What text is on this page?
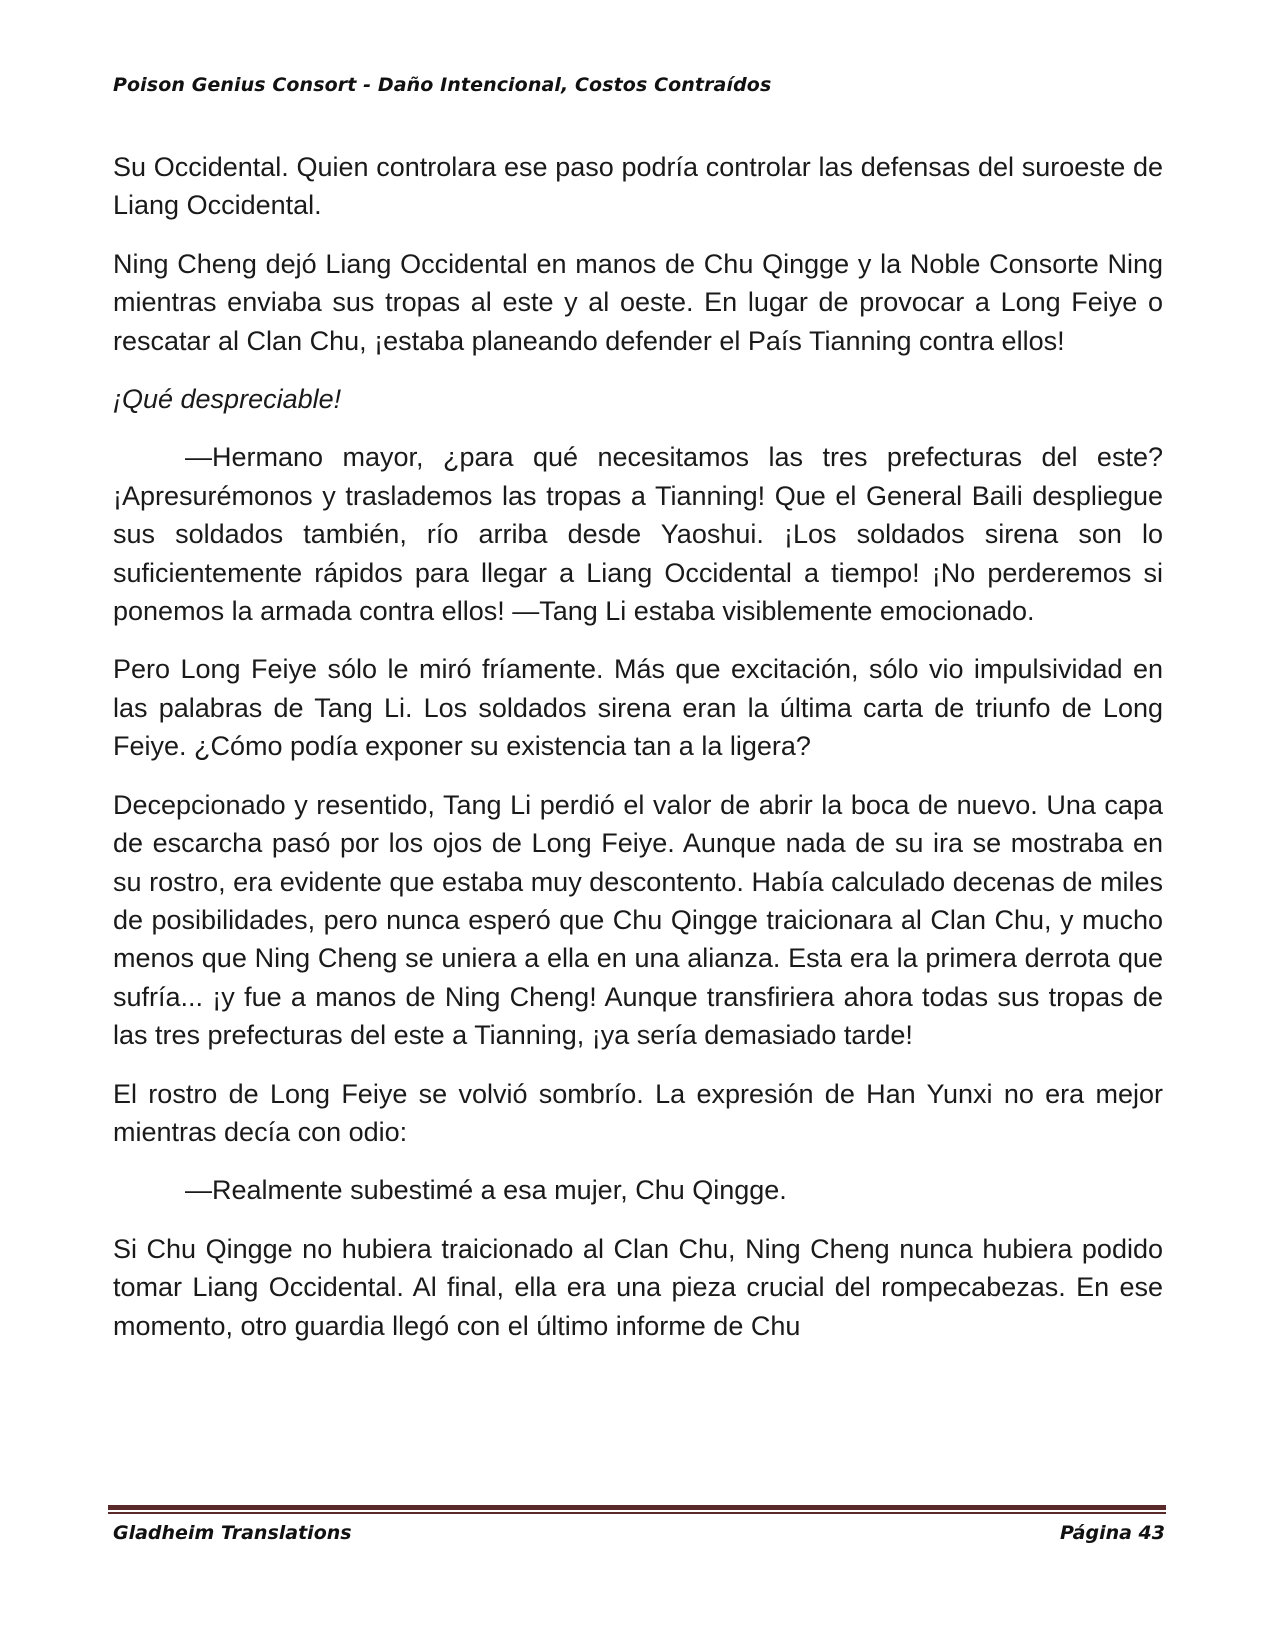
Poison Genius Consort - Daño Intencional, Costos Contraídos

Su Occidental. Quien controlara ese paso podría controlar las defensas del suroeste de Liang Occidental.

Ning Cheng dejó Liang Occidental en manos de Chu Qingge y la Noble Consorte Ning mientras enviaba sus tropas al este y al oeste. En lugar de provocar a Long Feiye o rescatar al Clan Chu, ¡estaba planeando defender el País Tianning contra ellos!

¡Qué despreciable!

—Hermano mayor, ¿para qué necesitamos las tres prefecturas del este? ¡Apresurémonos y traslademos las tropas a Tianning! Que el General Baili despliegue sus soldados también, río arriba desde Yaoshui. ¡Los soldados sirena son lo suficientemente rápidos para llegar a Liang Occidental a tiempo! ¡No perderemos si ponemos la armada contra ellos! —Tang Li estaba visiblemente emocionado.

Pero Long Feiye sólo le miró fríamente. Más que excitación, sólo vio impulsividad en las palabras de Tang Li. Los soldados sirena eran la última carta de triunfo de Long Feiye. ¿Cómo podía exponer su existencia tan a la ligera?

Decepcionado y resentido, Tang Li perdió el valor de abrir la boca de nuevo. Una capa de escarcha pasó por los ojos de Long Feiye. Aunque nada de su ira se mostraba en su rostro, era evidente que estaba muy descontento. Había calculado decenas de miles de posibilidades, pero nunca esperó que Chu Qingge traicionara al Clan Chu, y mucho menos que Ning Cheng se uniera a ella en una alianza. Esta era la primera derrota que sufría... ¡y fue a manos de Ning Cheng! Aunque transfiriera ahora todas sus tropas de las tres prefecturas del este a Tianning, ¡ya sería demasiado tarde!

El rostro de Long Feiye se volvió sombrío. La expresión de Han Yunxi no era mejor mientras decía con odio:

—Realmente subestimé a esa mujer, Chu Qingge.

Si Chu Qingge no hubiera traicionado al Clan Chu, Ning Cheng nunca hubiera podido tomar Liang Occidental. Al final, ella era una pieza crucial del rompecabezas. En ese momento, otro guardia llegó con el último informe de Chu

Gladheim Translations	Página 43
